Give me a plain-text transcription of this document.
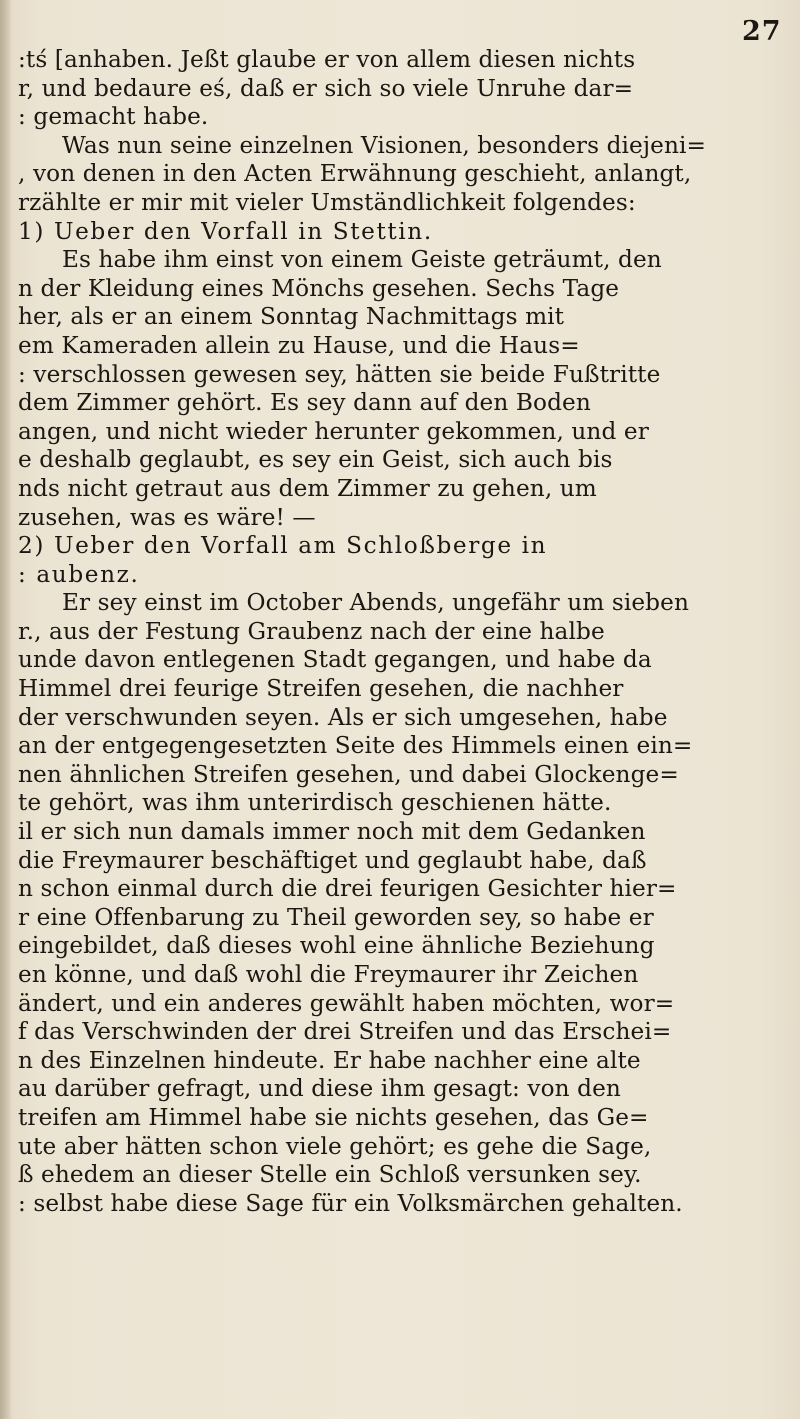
27
:tś [anhaben. Jeßt glaube er von allem diesen nichts
r, und bedaure eś, daß er sich so viele Unruhe dar=
: gemacht habe.
Was nun seine einzelnen Visionen, besonders diejeni=
, von denen in den Acten Erwähnung geschieht, anlangt,
rzählte er mir mit vieler Umständlichkeit folgendes:
1) Ueber den Vorfall in Stettin.
Es habe ihm einst von einem Geiste geträumt, den
n der Kleidung eines Mönchs gesehen. Sechs Tage
her, als er an einem Sonntag Nachmittags mit
em Kameraden allein zu Hause, und die Haus=
: verschlossen gewesen sey, hätten sie beide Fußtritte
dem Zimmer gehört. Es sey dann auf den Boden
angen, und nicht wieder herunter gekommen, und er
e deshalb geglaubt, es sey ein Geist, sich auch bis
nds nicht getraut aus dem Zimmer zu gehen, um
zusehen, was es wäre! —
2) Ueber den Vorfall am Schloßberge in
: aubenz.
Er sey einst im October Abends, ungefähr um sieben
r., aus der Festung Graubenz nach der eine halbe
unde davon entlegenen Stadt gegangen, und habe da
Himmel drei feurige Streifen gesehen, die nachher
der verschwunden seyen. Als er sich umgesehen, habe
an der entgegengesetzten Seite des Himmels einen ein=
nen ähnlichen Streifen gesehen, und dabei Glockenge=
te gehört, was ihm unterirdisch geschienen hätte.
il er sich nun damals immer noch mit dem Gedanken
die Freymaurer beschäftiget und geglaubt habe, daß
n schon einmal durch die drei feurigen Gesichter hier=
r eine Offenbarung zu Theil geworden sey, so habe er
eingebildet, daß dieses wohl eine ähnliche Beziehung
en könne, und daß wohl die Freymaurer ihr Zeichen
ändert, und ein anderes gewählt haben möchten, wor=
f das Verschwinden der drei Streifen und das Erschei=
n des Einzelnen hindeute. Er habe nachher eine alte
au darüber gefragt, und diese ihm gesagt: von den
treifen am Himmel habe sie nichts gesehen, das Ge=
ute aber hätten schon viele gehört; es gehe die Sage,
ß ehedem an dieser Stelle ein Schloß versunken sey.
: selbst habe diese Sage für ein Volksmärchen gehalten.
